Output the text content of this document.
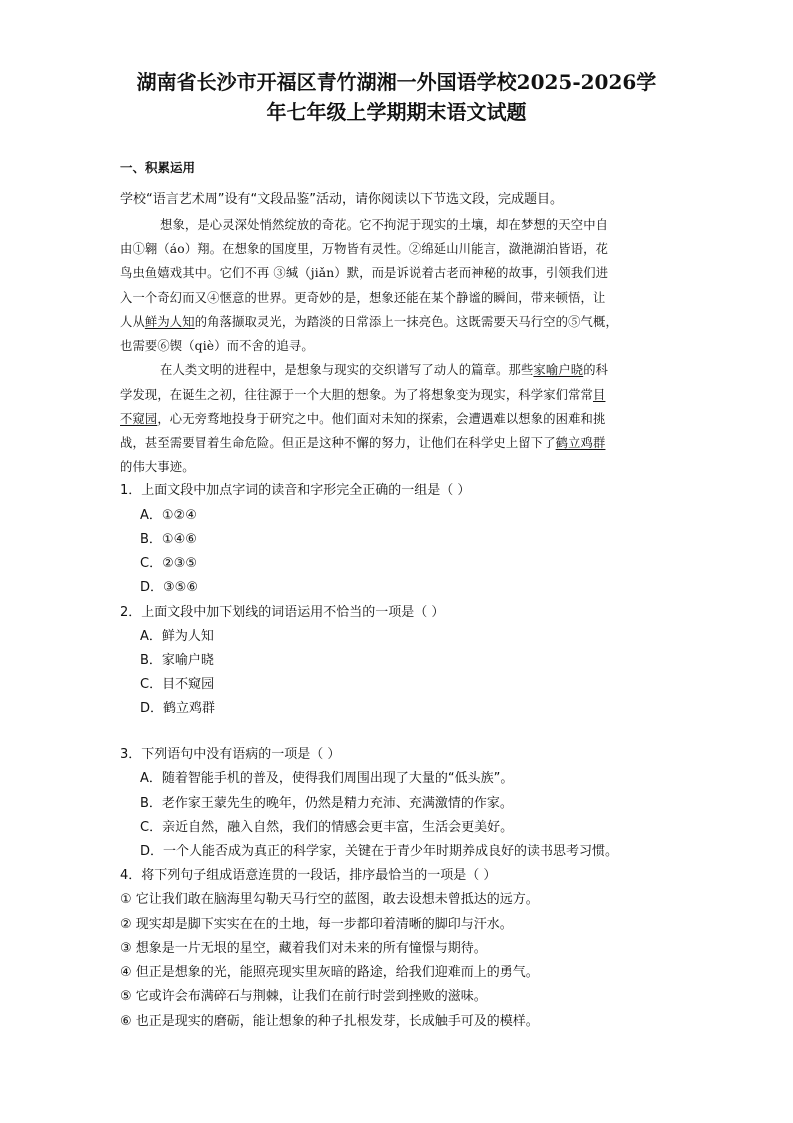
湖南省长沙市开福区青竹湖湘一外国语学校2025-2026学
年七年级上学期期末语文试题
一、积累运用
学校“语言艺术周”设有“文段品鉴”活动，请你阅读以下节选文段，完成题目。
想象，是心灵深处悄然绽放的奇花。它不拘泥于现实的土壤，却在梦想的天空中自
由①翱（áo）翔。在想象的国度里，万物皆有灵性。②绵延山川能言，潋滟湖泊皆语，花
鸟虫鱼嬉戏其中。它们不再 ③缄（jiǎn）默，而是诉说着古老而神秘的故事，引领我们进
入一个奇幻而又④惬意的世界。更奇妙的是，想象还能在某个静谧的瞬间，带来顿悟，让
人从鲜为人知的角落撷取灵光，为踏淡的日常添上一抹亮色。这既需要天马行空的⑤气概，
也需要⑥锲（qiè）而不舍的追寻。
在人类文明的进程中，是想象与现实的交织谱写了动人的篇章。那些家喻户晓的科
学发现，在诞生之初，往往源于一个大胆的想象。为了将想象变为现实，科学家们常常目
不窥园，心无旁骛地投身于研究之中。他们面对未知的探索，会遭遇难以想象的困难和挑
战，甚至需要冒着生命危险。但正是这种不懈的努力，让他们在科学史上留下了鹤立鸡群
的伟大事迹。
1．上面文段中加点字词的读音和字形完全正确的一组是（ ）
A．①②④
B．①④⑥
C．②③⑤
D．③⑤⑥
2．上面文段中加下划线的词语运用不恰当的一项是（ ）
A．鲜为人知
B．家喻户晓
C．目不窥园
D．鹤立鸡群
3．下列语句中没有语病的一项是（ ）
A．随着智能手机的普及，使得我们周围出现了大量的“低头族”。
B．老作家王蒙先生的晚年，仍然是精力充沛、充满激情的作家。
C．亲近自然，融入自然，我们的情感会更丰富，生活会更美好。
D．一个人能否成为真正的科学家，关键在于青少年时期养成良好的读书思考习惯。
4．将下列句子组成语意连贯的一段话，排序最恰当的一项是（ ）
① 它让我们敢在脑海里勾勒天马行空的蓝图，敢去设想未曾抵达的远方。
② 现实却是脚下实实在在的土地，每一步都印着清晰的脚印与汗水。
③ 想象是一片无垠的星空，藏着我们对未来的所有憧憬与期待。
④ 但正是想象的光，能照亮现实里灰暗的路途，给我们迎难而上的勇气。
⑤ 它或许会布满碎石与荆棘，让我们在前行时尝到挫败的滋味。
⑥ 也正是现实的磨砺，能让想象的种子扎根发芽，长成触手可及的模样。
